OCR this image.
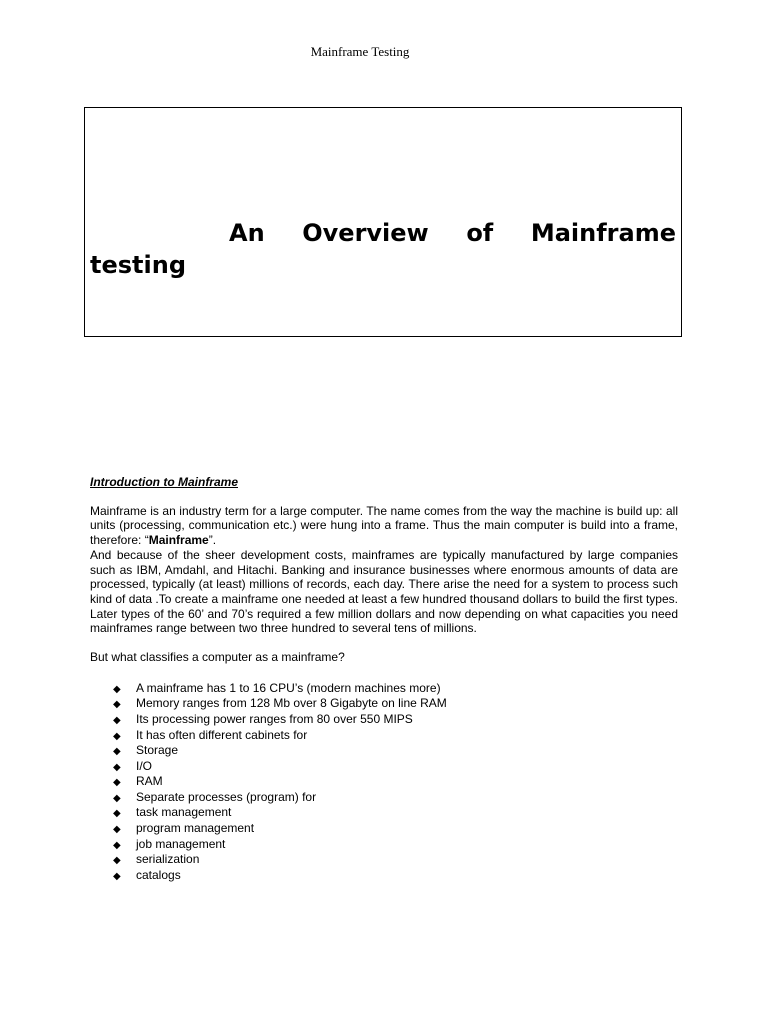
Mainframe Testing
An Overview of Mainframe testing
Introduction to Mainframe

Mainframe is an industry term for a large computer. The name comes from the way the machine is build up: all units (processing, communication etc.) were hung into a frame. Thus the main computer is build into a frame, therefore: “Mainframe”.

And because of the sheer development costs, mainframes are typically manufactured by large companies such as IBM, Amdahl, and Hitachi. Banking and insurance businesses where enormous amounts of data are processed, typically (at least) millions of records, each day. There arise the need for a system to process such kind of data .To create a mainframe one needed at least a few hundred thousand dollars to build the first types. Later types of the 60’ and 70’s required a few million dollars and now depending on what capacities you need mainframes range between two three hundred to several tens of millions.

But what classifies a computer as a mainframe?

◆ A mainframe has 1 to 16 CPU’s (modern machines more)
◆ Memory ranges from 128 Mb over 8 Gigabyte on line RAM
◆ Its processing power ranges from 80 over 550 MIPS
◆ It has often different cabinets for
◆ Storage
◆ I/O
◆ RAM
◆ Separate processes (program) for
◆ task management
◆ program management
◆ job management
◆ serialization
◆ catalogs
